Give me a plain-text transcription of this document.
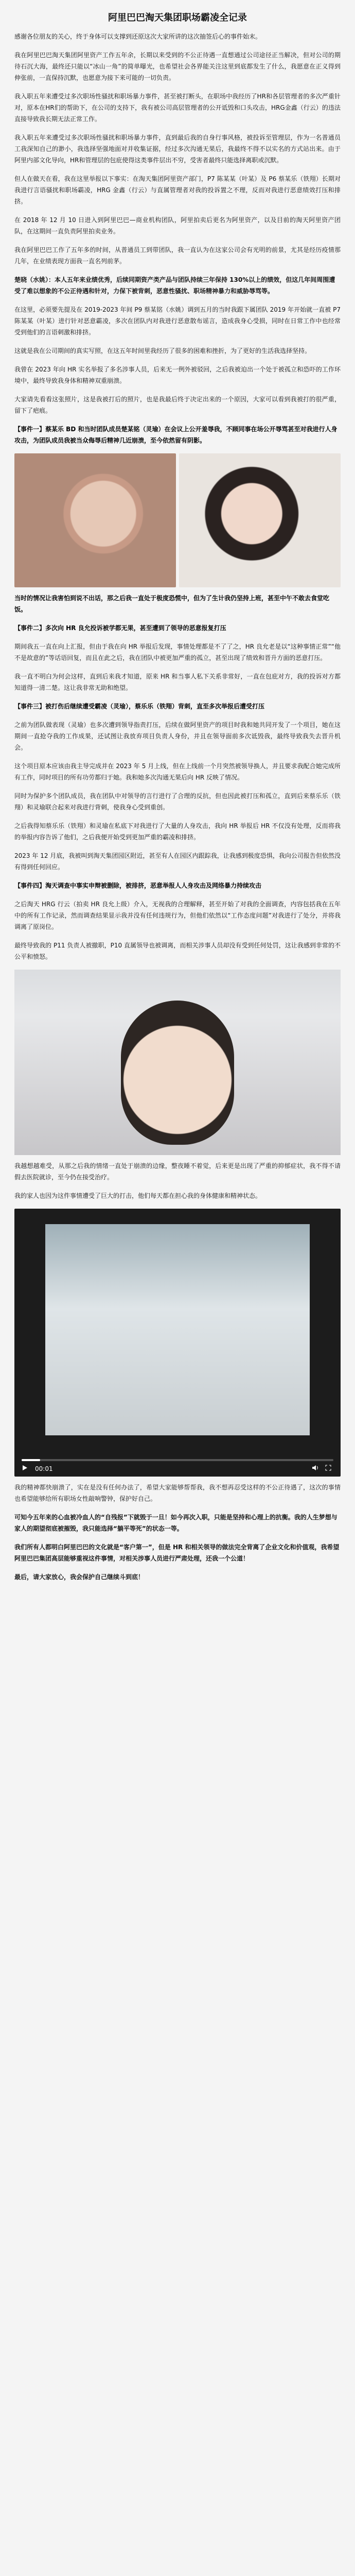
阿里巴巴淘天集团职场霸凌全记录
感谢各位朋友的关心，终于身体可以支撑到还原这次大家所讲的这次抽签后心的事件始末。
我在阿里巴巴淘天集团阿里资产工作五年余，长期以来受到的不公正待遇一直想通过公司途径正当解决，但对公司的期待石沉大海，最终还只能以“冰山一角”的简单曝光，也希望社会各界能关注这里到底都发生了什么，我愿意在正义得到伸张前，一直保持沉默，也愿意为接下来可能的一切负责。
我入职五年来遭受过多次职场性骚扰和职场暴力事件，甚至被打断头，在职场中我经历了HR和各层管理者的多次严重针对，原本在HR们的帮助下，在公司的支持下，我有被公司高层管理者的公开诋毁和口头攻击，HRG金鑫（行云）的违法直接导致我长期无法正常工作。
我入职五年来遭受过多次职场性骚扰和职场暴力事件，直到最后我的自身行事风格，被投诉至管理层，作为一名普通员工我深知自己的渺小，我选择坚强地面对并收集证据，经过多次沟通无果后，我最终不得不以实名的方式站出来。由于阿里内部文化导向，HR和管理层的包庇使得这类事件层出不穷，受害者最终只能选择离职或沉默。
但人在做天在看，我在这里举报以下事实：在淘天集团阿里资产部门，P7 陈某某（叶某）及 P6 蔡某乐（铁翔）长期对我进行言语骚扰和职场霸凌，HRG 金鑫（行云）与直属管理者对我的投诉置之不理，反而对我进行恶意绩效打压和排挤。
在 2018 年 12 月 10 日进入到阿里巴巴—商业机构团队，阿里拍卖后更名为阿里资产，以及目前的淘天阿里资产团队，在这期间一直负责阿里拍卖业务。
我在阿里巴巴工作了五年多的时间，从普通员工到带团队，我一直认为在这家公司会有光明的前景，尤其是经历疫情那几年，在业绩表现方面我一直名列前茅。
楚晓（水姚）：本人五年来业绩优秀，后续同期资产类产品与团队持续三年保持 130%以上的绩效，但这几年间周围遭受了难以想象的不公正待遇和针对，力保下被背刺，恶意性骚扰、职场精神暴力和威胁辱骂等。
在这里，必须要先提及在 2019-2023 年间 P9 蔡某铭（水姚）调到五月的当时我跟下属团队 2019 年开始就一直被 P7 陈某某（叶某）进行针对恶意霸凌，多次在团队内对我进行恶意散布谣言，造成我身心受损，同时在日常工作中也经常受到他们的言语刺激和排挤。
这就是我在公司期间的真实写照，在这五年时间里我经历了很多的困难和挫折，为了更好的生活我选择坚持。
我曾在 2023 年向 HR 实名举报了多名涉事人员，后来无一例外被驳回，之后我被迫出一个处于被孤立和恐吓的工作环境中，最终导致我身体和精神双重崩溃。
大家请先看看这张照片，这是我被打后的照片，也是我最后终于决定出来的一个原因，大家可以看到我被打的很严重，留下了疤痕。
【事件一】蔡某乐 BD 和当时团队成员楚某铭（灵瑜）在会议上公开羞辱我，不顾同事在场公开辱骂甚至对我进行人身攻击，为团队成员我被当众侮辱后精神几近崩溃，至今依然留有阴影。
当时的情况让我害怕到说不出话，那之后我一直处于极度恐慌中，但为了生计我仍坚持上班，甚至中午不敢去食堂吃饭。
【事件二】多次向 HR 良允投诉被学都无果，甚至遭到了领导的恶意报复打压
期间我五一直在向上汇报，但由于我在向 HR 举报后发现，事情处理都是不了了之，HR 良允老是以“这种事情正常”“他不是故意的”等话语回复，而且在此之后，我在团队中被更加严重的孤立，甚至出现了绩效和晋升方面的恶意打压。
我一直不明白为何会这样，直到后来我才知道，原来 HR 和当事人私下关系非常好，一直在包庇对方，我的投诉对方都知道得一清二楚。这让我非常无助和绝望。
【事件三】被打伤后继续遭受霸凌（灵瑜），蔡乐乐（铁翔）背刺，直至多次举报后遭受打压
之前为团队做表现（灵瑜）也多次遭到领导指责打压，后续在做阿里资产的项目时我和她共同开发了一个项目，她在这期间一直抢夺我的工作成果，还试图让我放弃项目负责人身份，并且在领导面前多次诋毁我，最终导致我失去晋升机会。
这个项目原本应该由我主导完成并在 2023 年 5 月上线，但在上线前一个月突然被领导换人，并且要求我配合她完成所有工作，同时项目的所有功劳都归于她。我和她多次沟通无果后向 HR 反映了情况。
同时为保护多个团队成员，我在团队中对领导的言行进行了合理的反抗，但也因此被打压和孤立，直到后来蔡乐乐（铁翔）和灵瑜联合起来对我进行背刺，使我身心受到重创。
之后我得知蔡乐乐（铁翔）和灵瑜在私底下对我进行了大量的人身攻击，我向 HR 举报后 HR 不仅没有处理，反而将我的举报内容告诉了他们，之后我便开始受到更加严重的霸凌和排挤。
2023 年 12 月底，我被叫到淘天集团园区附近，甚至有人在园区内跟踪我，让我感到极度恐惧，我向公司报告但依然没有得到任何回应。
【事件四】淘天调查中事实申辩被删除，被排挤，恶意举报人人身攻击及网络暴力持续攻击
之后淘天 HRG 行云（拍卖 HR 良允上级）介入，无视我的合理解释，甚至开始了对我的全面调查，内容包括我在五年中的所有工作记录，然而调查结果显示我并没有任何违规行为，但他们依然以“工作态度问题”对我进行了处分，并将我调离了原岗位。
最终导致我的 P11 负责人被撤职，P10 直属领导也被调离，而相关涉事人员却没有受到任何处罚，这让我感到非常的不公平和愤怒。
我越想越难受，从那之后我的情绪一直处于崩溃的边缘，整夜睡不着觉，后来更是出现了严重的抑郁症状，我不得不请假去医院就诊，至今仍在接受治疗。
我的家人也因为这件事情遭受了巨大的打击，他们每天都在担心我的身体健康和精神状态。
00:01
我的精神都快崩溃了，实在是没有任何办法了，希望大家能够帮帮我，我不想再忍受这样的不公正待遇了，这次的事情也希望能够给所有职场女性敲响警钟，保护好自己。
可知今五年来的心血被冷血人的“自残报”下就毁于一旦！如今再次入职，只能是坚持和心理上的抗衡。我的人生梦想与家人的期望彻底被摧毁，我只能选择“躺平等死”的状态一等。
我们所有人都明白阿里巴巴的文化就是“客户第一”，但是 HR 和相关领导的做法完全背离了企业文化和价值观，我希望阿里巴巴集团高层能够重视这件事情，对相关涉事人员进行严肃处理，还我一个公道！
最后，请大家放心，我会保护自己继续斗到底！
